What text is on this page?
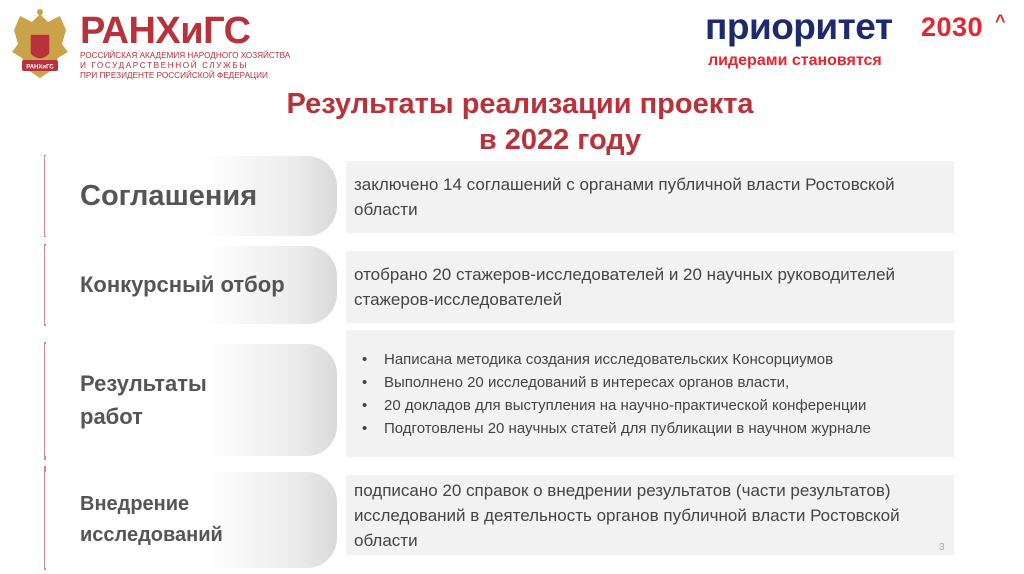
РАНХиГС
РАНХиГС
РОССИЙСКАЯ АКАДЕМИЯ НАРОДНОГО ХОЗЯЙСТВА
И ГОСУДАРСТВЕННОЙ СЛУЖБЫ
ПРИ ПРЕЗИДЕНТЕ РОССИЙСКОЙ ФЕДЕРАЦИИ
приоритет 2030 ^
лидерами становятся
Результаты реализации проекта
в 2022 году
Соглашения	заключено 14 соглашений с органами публичной власти Ростовской области
Конкурсный отбор	отобрано 20 стажеров-исследователей и 20 научных руководителей стажеров-исследователей
Результаты работ
• Написана методика создания исследовательских Консорциумов
• Выполнено 20 исследований в интересах органов власти,
• 20 докладов для выступления на научно-практической конференции
• Подготовлены 20 научных статей для публикации в научном журнале
Внедрение исследований
подписано 20 справок о внедрении результатов (части результатов) исследований в деятельность органов публичной власти Ростовской области	3
